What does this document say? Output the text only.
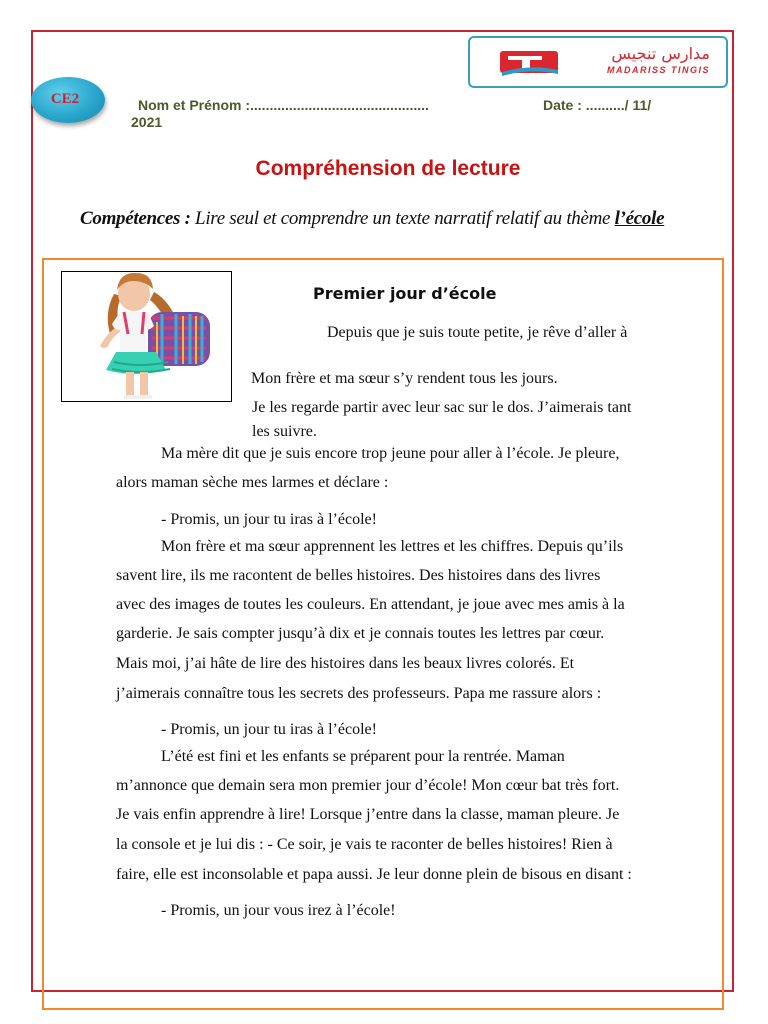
مدارس تنجيس
MADARISS TINGIS
CE2	Nom et Prénom :..............................................	Date : ........../ 11/
2021
Compréhension de lecture
Compétences : Lire seul et comprendre un texte narratif relatif au thème l’école
Premier jour d’école
Depuis que je suis toute petite, je rêve d’aller à
Mon frère et ma sœur s’y rendent tous les jours.
Je les regarde partir avec leur sac sur le dos. J’aimerais tant
les suivre.
Ma mère dit que je suis encore trop jeune pour aller à l’école. Je pleure,
alors maman sèche mes larmes et déclare :
- Promis, un jour tu iras à l’école!
Mon frère et ma sœur apprennent les lettres et les chiffres. Depuis qu’ils
savent lire, ils me racontent de belles histoires. Des histoires dans des livres
avec des images de toutes les couleurs. En attendant, je joue avec mes amis à la
garderie. Je sais compter jusqu’à dix et je connais toutes les lettres par cœur.
Mais moi, j’ai hâte de lire des histoires dans les beaux livres colorés. Et
j’aimerais connaître tous les secrets des professeurs. Papa me rassure alors :
- Promis, un jour tu iras à l’école!
L’été est fini et les enfants se préparent pour la rentrée. Maman
m’annonce que demain sera mon premier jour d’école! Mon cœur bat très fort.
Je vais enfin apprendre à lire! Lorsque j’entre dans la classe, maman pleure. Je
la console et je lui dis : - Ce soir, je vais te raconter de belles histoires! Rien à
faire, elle est inconsolable et papa aussi. Je leur donne plein de bisous en disant :
- Promis, un jour vous irez à l’école!
